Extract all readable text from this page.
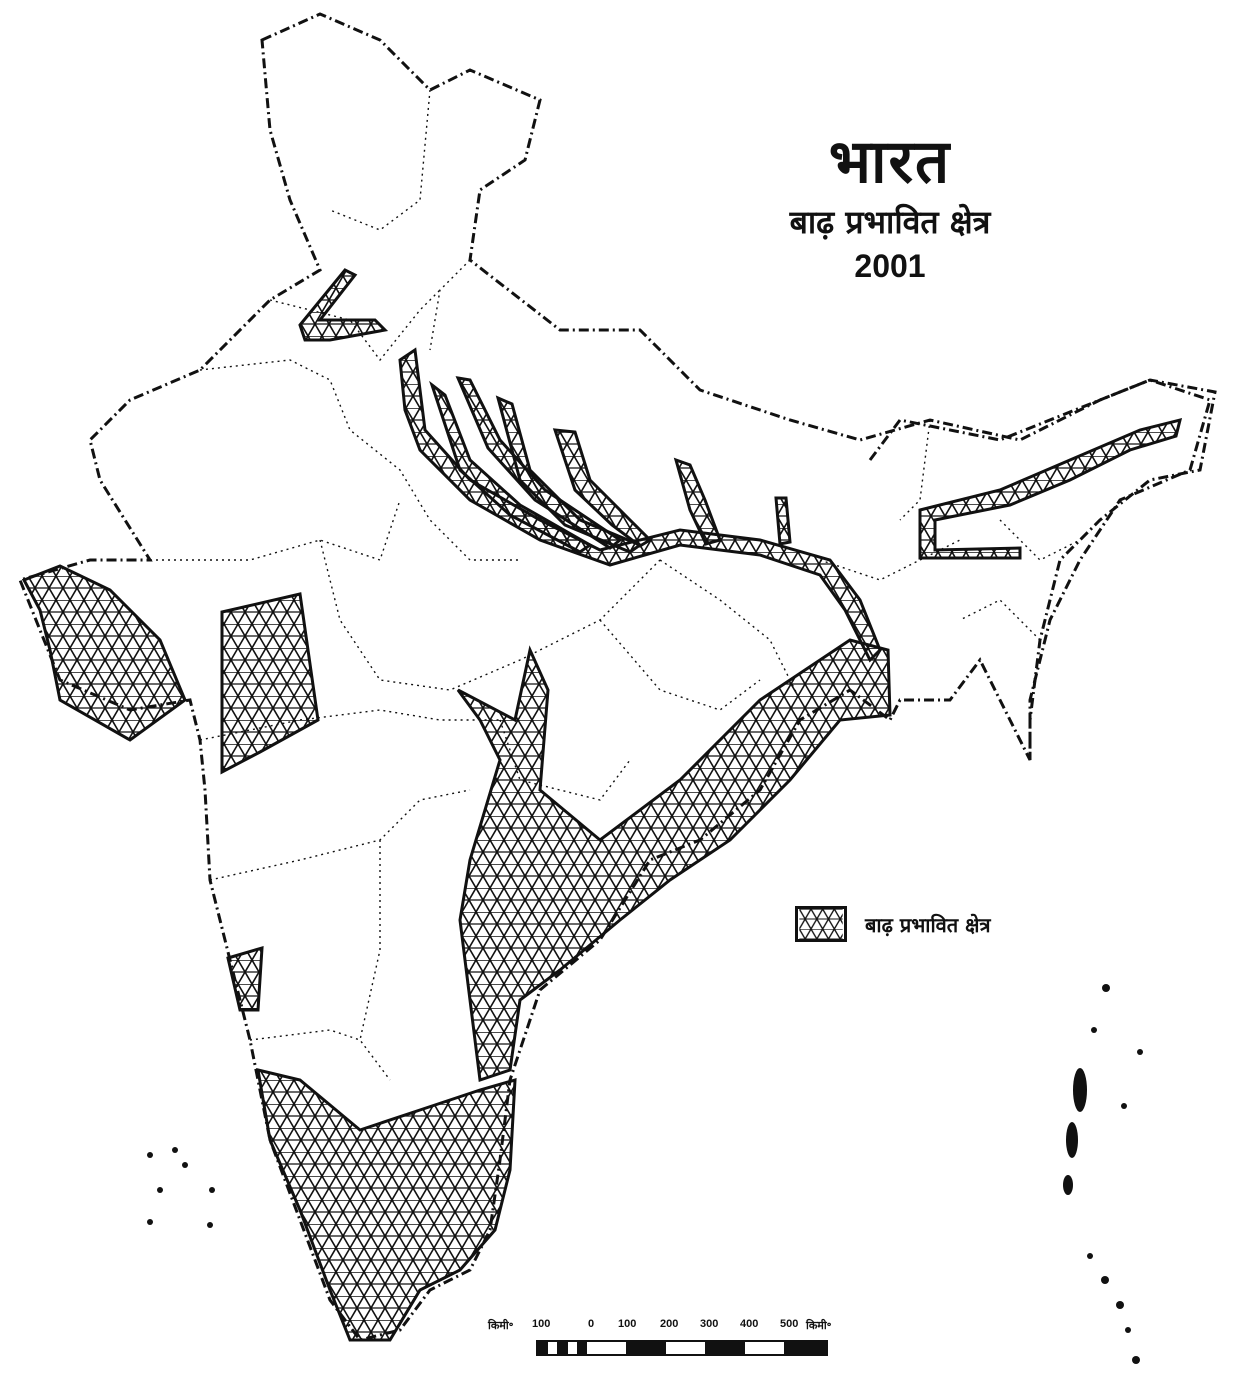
भारत
बाढ़ प्रभावित क्षेत्र
2001
बाढ़ प्रभावित क्षेत्र
किमी॰ 100	0 100 200 300 400 500 किमी॰
